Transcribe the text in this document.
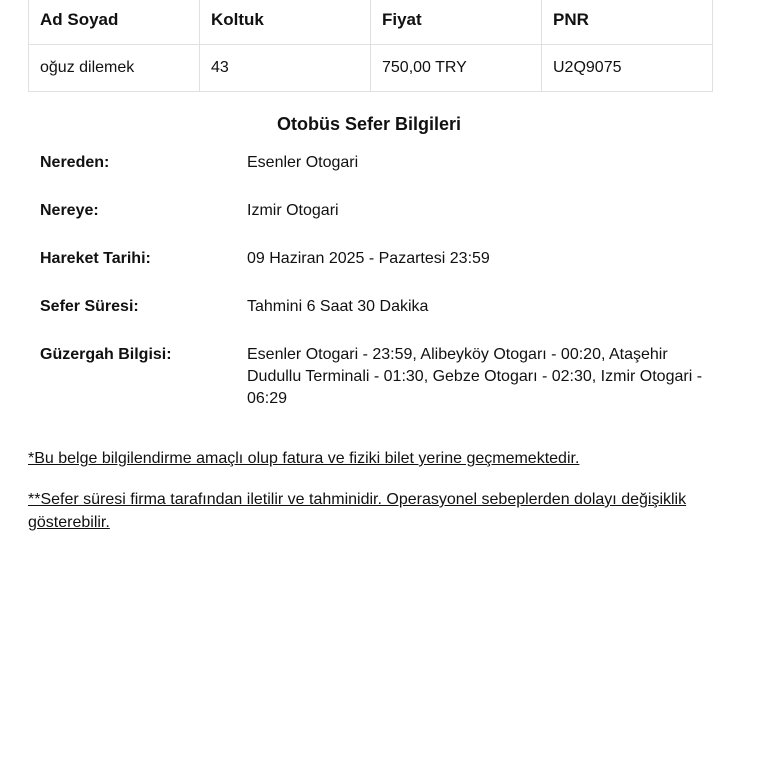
Ad Soyad	Koltuk	Fiyat	PNR
oğuz dilemek	43	750,00 TRY	U2Q9075
Otobüs Sefer Bilgileri
Nereden:	Esenler Otogari
Nereye:	Izmir Otogari
Hareket Tarihi:	09 Haziran 2025 - Pazartesi 23:59
Sefer Süresi:	Tahmini 6 Saat 30 Dakika
Güzergah Bilgisi:	Esenler Otogari - 23:59, Alibeyköy Otogarı - 00:20, Ataşehir Dudullu Terminali - 01:30, Gebze Otogarı - 02:30, Izmir Otogari - 06:29
*Bu belge bilgilendirme amaçlı olup fatura ve fiziki bilet yerine geçmemektedir.
**Sefer süresi firma tarafından iletilir ve tahminidir. Operasyonel sebeplerden dolayı değişiklik gösterebilir.
